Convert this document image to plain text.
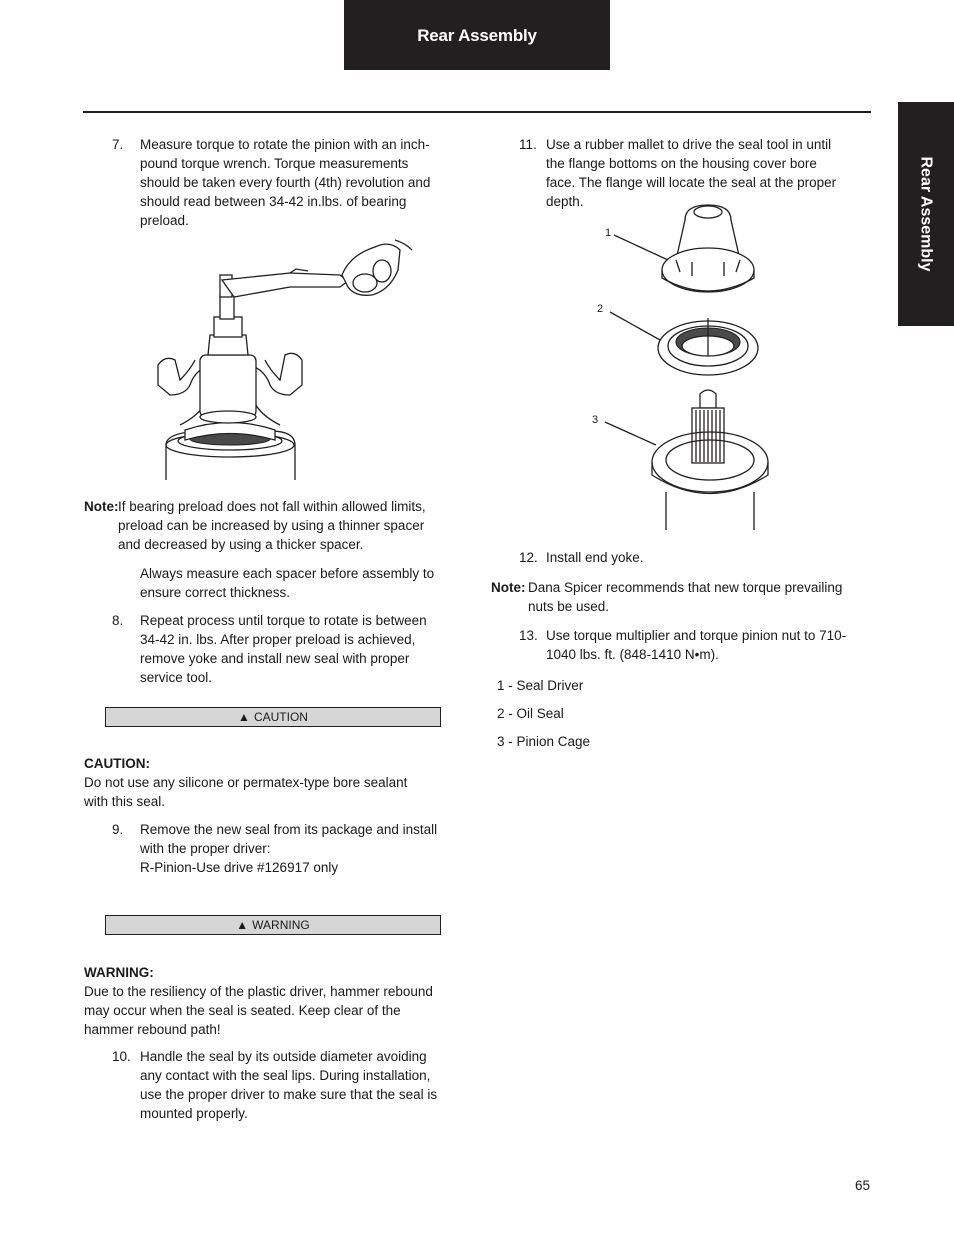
Rear Assembly
Rear Assembly
7. Measure torque to rotate the pinion with an inch-pound torque wrench. Torque measurements should be taken every fourth (4th) revolution and should read between 34-42 in.lbs. of bearing preload.
Note: If bearing preload does not fall within allowed limits, preload can be increased by using a thinner spacer and decreased by using a thicker spacer.
Always measure each spacer before assembly to ensure correct thickness.
8. Repeat process until torque to rotate is between 34-42 in. lbs. After proper preload is achieved, remove yoke and install new seal with proper service tool.
▲ CAUTION
CAUTION:
Do not use any silicone or permatex-type bore sealant with this seal.
9. Remove the new seal from its package and install with the proper driver:
R-Pinion-Use drive #126917 only
▲ WARNING
WARNING:
Due to the resiliency of the plastic driver, hammer rebound may occur when the seal is seated. Keep clear of the hammer rebound path!
10. Handle the seal by its outside diameter avoiding any contact with the seal lips. During installation, use the proper driver to make sure that the seal is mounted properly.
11. Use a rubber mallet to drive the seal tool in until the flange bottoms on the housing cover bore face. The flange will locate the seal at the proper depth.
1
2
3
12. Install end yoke.
Note: Dana Spicer recommends that new torque prevailing nuts be used.
13. Use torque multiplier and torque pinion nut to 710-1040 lbs. ft. (848-1410 N•m).
1 - Seal Driver
2 - Oil Seal
3 - Pinion Cage
65
